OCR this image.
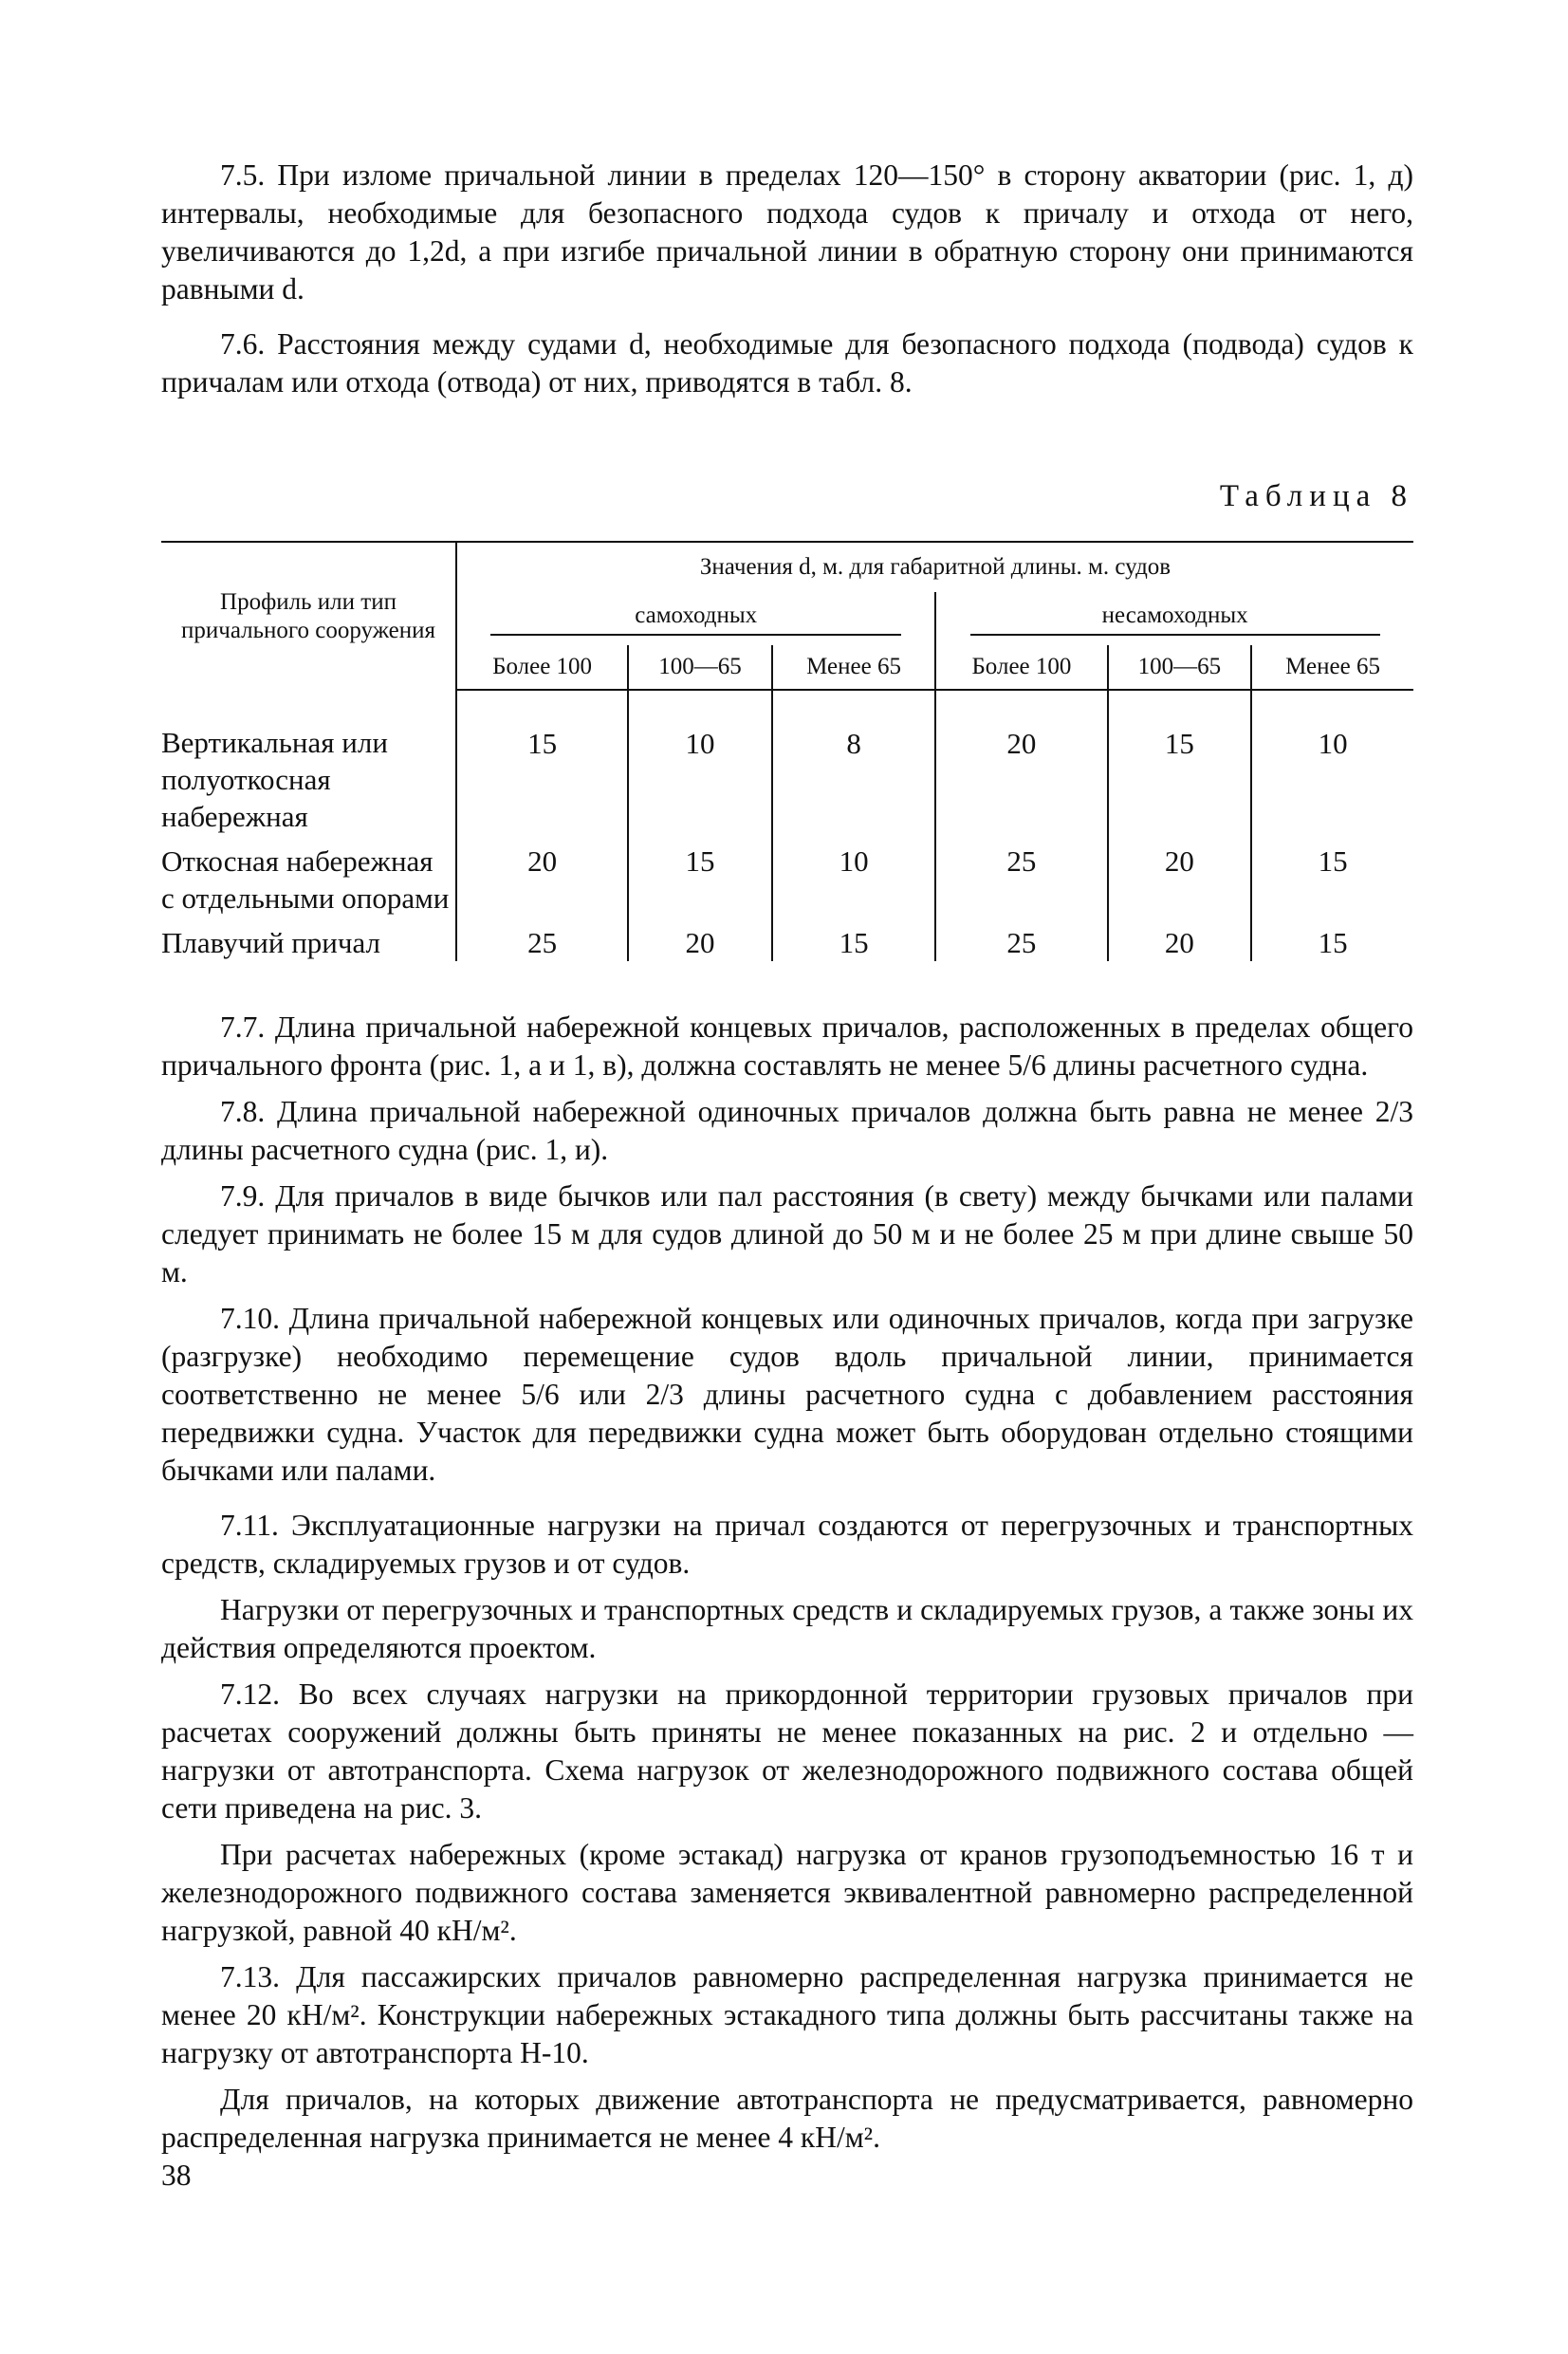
7.5. При изломе причальной линии в пределах 120—150° в сторону акватории (рис. 1, д) интервалы, необходимые для безопасного подхода судов к причалу и отхода от него, увеличиваются до 1,2d, а при изгибе причальной линии в обратную сторону они принимаются равными d.

7.6. Расстояния между судами d, необходимые для безопасного подхода (подвода) судов к причалам или отхода (отвода) от них, приводятся в табл. 8.

Таблица 8
Профиль или тип причального сооружения	Значения d, м. для габаритной длины. м. судов					
	самоходных			несамоходных		
	Более 100	100—65	Менее 65	Более 100	100—65	Менее 65
Вертикальная или полуоткосная набережная	15	10	8	20	15	10
Откосная набережная с отдельными опорами	20	15	10	25	20	15
Плавучий причал	25	20	15	25	20	15

7.7. Длина причальной набережной концевых причалов, расположенных в пределах общего причального фронта (рис. 1, а и 1, в), должна составлять не менее 5/6 длины расчетного судна.

7.8. Длина причальной набережной одиночных причалов должна быть равна не менее 2/3 длины расчетного судна (рис. 1, и).

7.9. Для причалов в виде бычков или пал расстояния (в свету) между бычками или палами следует принимать не более 15 м для судов длиной до 50 м и не более 25 м при длине свыше 50 м.

7.10. Длина причальной набережной концевых или одиночных причалов, когда при загрузке (разгрузке) необходимо перемещение судов вдоль причальной линии, принимается соответственно не менее 5/6 или 2/3 длины расчетного судна с добавлением расстояния передвижки судна. Участок для передвижки судна может быть оборудован отдельно стоящими бычками или палами.

7.11. Эксплуатационные нагрузки на причал создаются от перегрузочных и транспортных средств, складируемых грузов и от судов.

Нагрузки от перегрузочных и транспортных средств и складируемых грузов, а также зоны их действия определяются проектом.

7.12. Во всех случаях нагрузки на прикордонной территории грузовых причалов при расчетах сооружений должны быть приняты не менее показанных на рис. 2 и отдельно — нагрузки от автотранспорта. Схема нагрузок от железнодорожного подвижного состава общей сети приведена на рис. 3.

При расчетах набережных (кроме эстакад) нагрузка от кранов грузоподъемностью 16 т и железнодорожного подвижного состава заменяется эквивалентной равномерно распределенной нагрузкой, равной 40 кН/м².

7.13. Для пассажирских причалов равномерно распределенная нагрузка принимается не менее 20 кН/м². Конструкции набережных эстакадного типа должны быть рассчитаны также на нагрузку от автотранспорта Н-10.

Для причалов, на которых движение автотранспорта не предусматривается, равномерно распределенная нагрузка принимается не менее 4 кН/м².

38
